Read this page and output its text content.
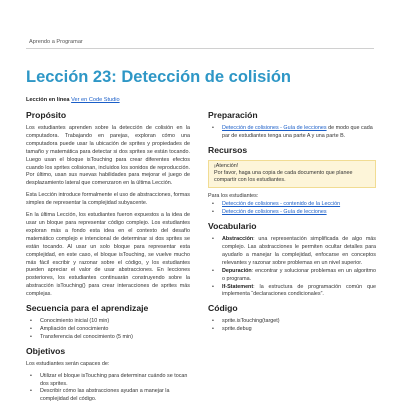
Aprendo a Programar
Lección 23: Detección de colisión
Lección en línea Ver en Code Studio
Propósito

Los estudiantes aprenden sobre la detección de colisión en la computadora. Trabajando en parejas, exploran cómo una computadora puede usar la ubicación de sprites y propiedades de tamaño y matemática para detectar si dos sprites se están tocando. Luego usan el bloque isTouching para crear diferentes efectos cuando los sprites colisionan, incluidos los sonidos de reproducción. Por último, usan sus nuevas habilidades para mejorar el juego de desplazamiento lateral que comenzaron en la última Lección.

Esta Lección introduce formalmente el uso de abstracciones, formas simples de representar la complejidad subyacente.

En la última Lección, los estudiantes fueron expuestos a la idea de usar un bloque para representar código complejo. Los estudiantes exploran más a fondo esta idea en el contexto del desafío matemático complejo e intencional de determinar si dos sprites se están tocando. Al usar un solo bloque para representar esta complejidad, en este caso, el bloque isTouching, se vuelve mucho más fácil escribir y razonar sobre el código, y los estudiantes pueden apreciar el valor de usar abstracciones. En lecciones posteriores, los estudiantes continuarán construyendo sobre la abstracción isTouching() para crear interacciones de sprites más complejas.

Secuencia para el aprendizaje
• Conocimiento inicial (10 min)
• Ampliación del conocimiento
• Transferencia del conocimiento (5 min)
Objetivos

Los estudiantes serán capaces de:

• Utilizar el bloque isTouching para determinar cuándo se tocan dos sprites.
• Describir cómo las abstracciones ayudan a manejar la complejidad del código.
Preparación
• Detección de colisiones - Guía de lecciones de modo que cada par de estudiantes tenga una parte A y una parte B.
Recursos
¡Atención!
Por favor, haga una copia de cada documento que planee compartir con los estudiantes.

Para los estudiantes:

• Detección de colisiones - contenido de la Lección
• Detección de colisiones - Guía de lecciones
Vocabulario
• Abstracción: una representación simplificada de algo más complejo. Las abstracciones le permiten ocultar detalles para ayudarlo a manejar la complejidad, enfocarse en conceptos relevantes y razonar sobre problemas en un nivel superior.
• Depuración: encontrar y solucionar problemas en un algoritmo o programa.
• If-Statement: la estructura de programación común que implementa “declaraciones condicionales”.
Código
• sprite.isTouching(target)
• sprite.debug
